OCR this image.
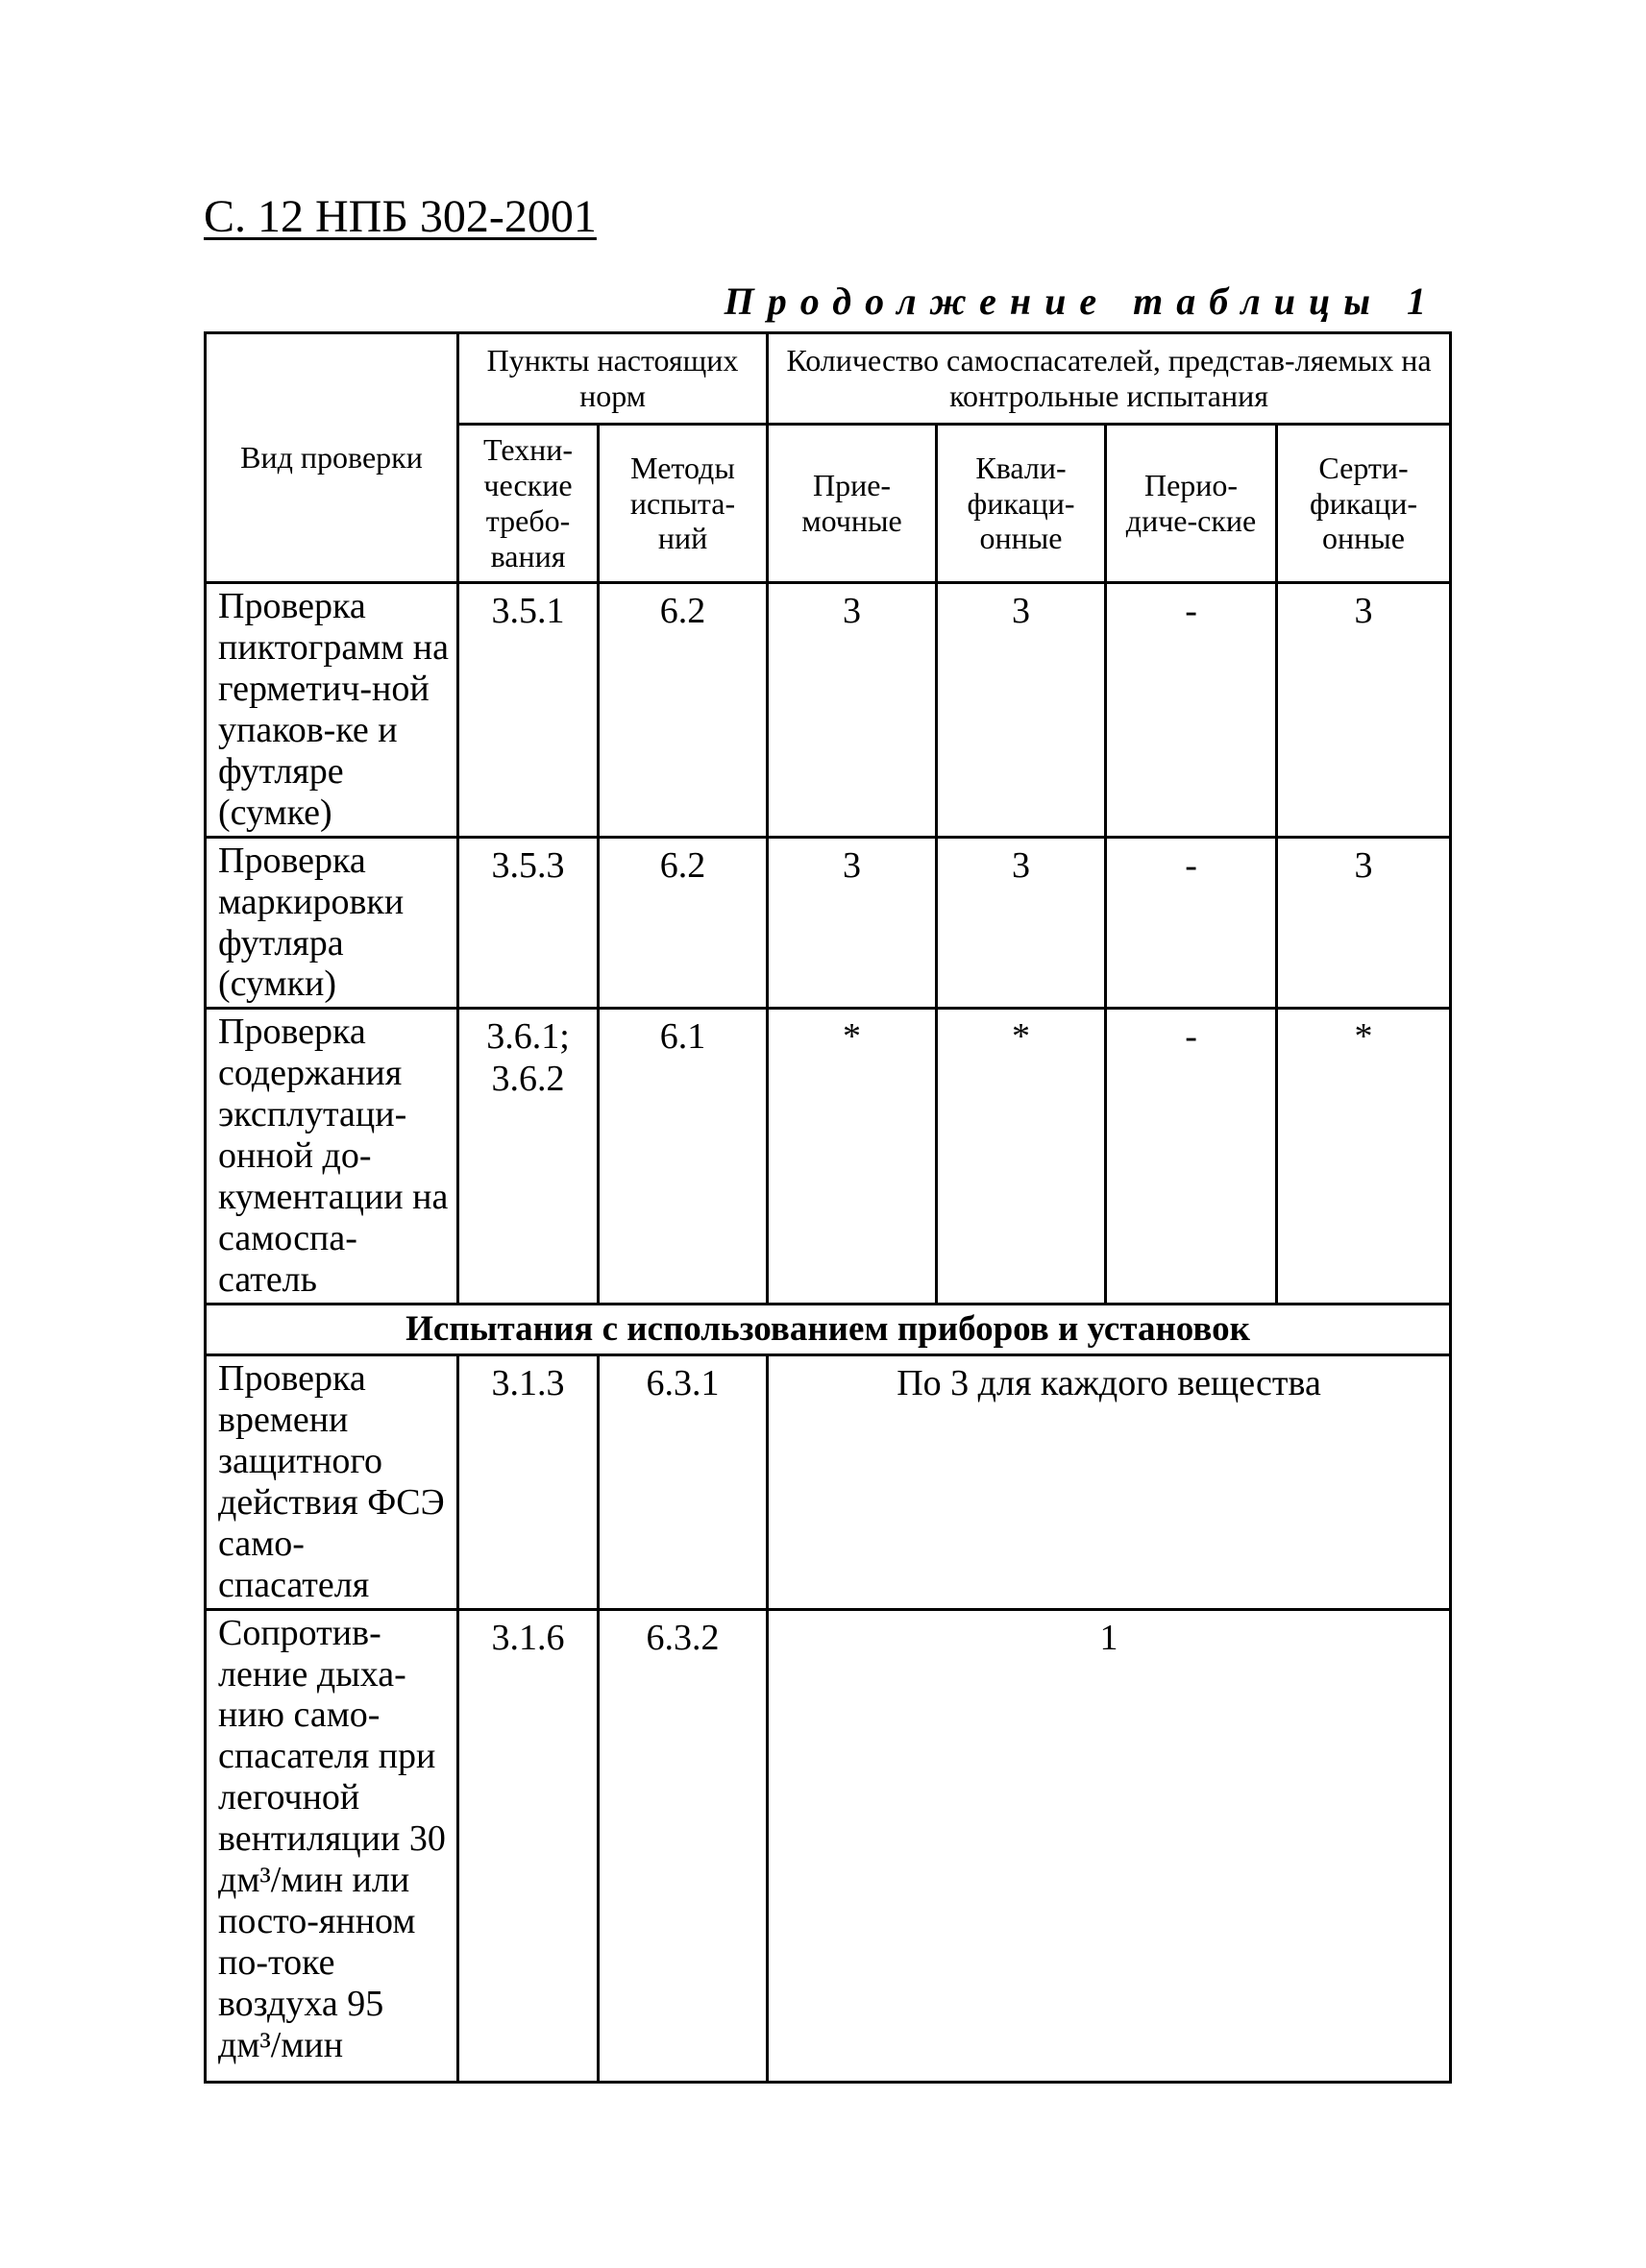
С. 12 НПБ 302-2001
Продолжение таблицы 1
Вид проверки	Пункты настоящих норм		Количество самоспасателей, представ-ляемых на контрольные испытания			
	Техни-ческие требо-вания	Методы испыта-ний	Прие-мочные	Квали-фикаци-онные	Перио-диче-ские	Серти-фикаци-онные
Проверка пиктограмм на герметич-ной упаков-ке и футляре (сумке)	3.5.1	6.2	3	3	-	3
Проверка маркировки футляра (сумки)	3.5.3	6.2	3	3	-	3
Проверка содержания эксплутаци-онной до-кументации на самоспа-сатель	3.6.1; 3.6.2	6.1	*	*	-	*
Испытания с использованием приборов и установок						
Проверка времени защитного действия ФСЭ само-спасателя	3.1.3	6.3.1	По 3 для каждого вещества			
Сопротив-ление дыха-нию само-спасателя при легочной вентиляции 30 дм³/мин или посто-янном по-токе воздуха 95 дм³/мин	3.1.6	6.3.2	1			
